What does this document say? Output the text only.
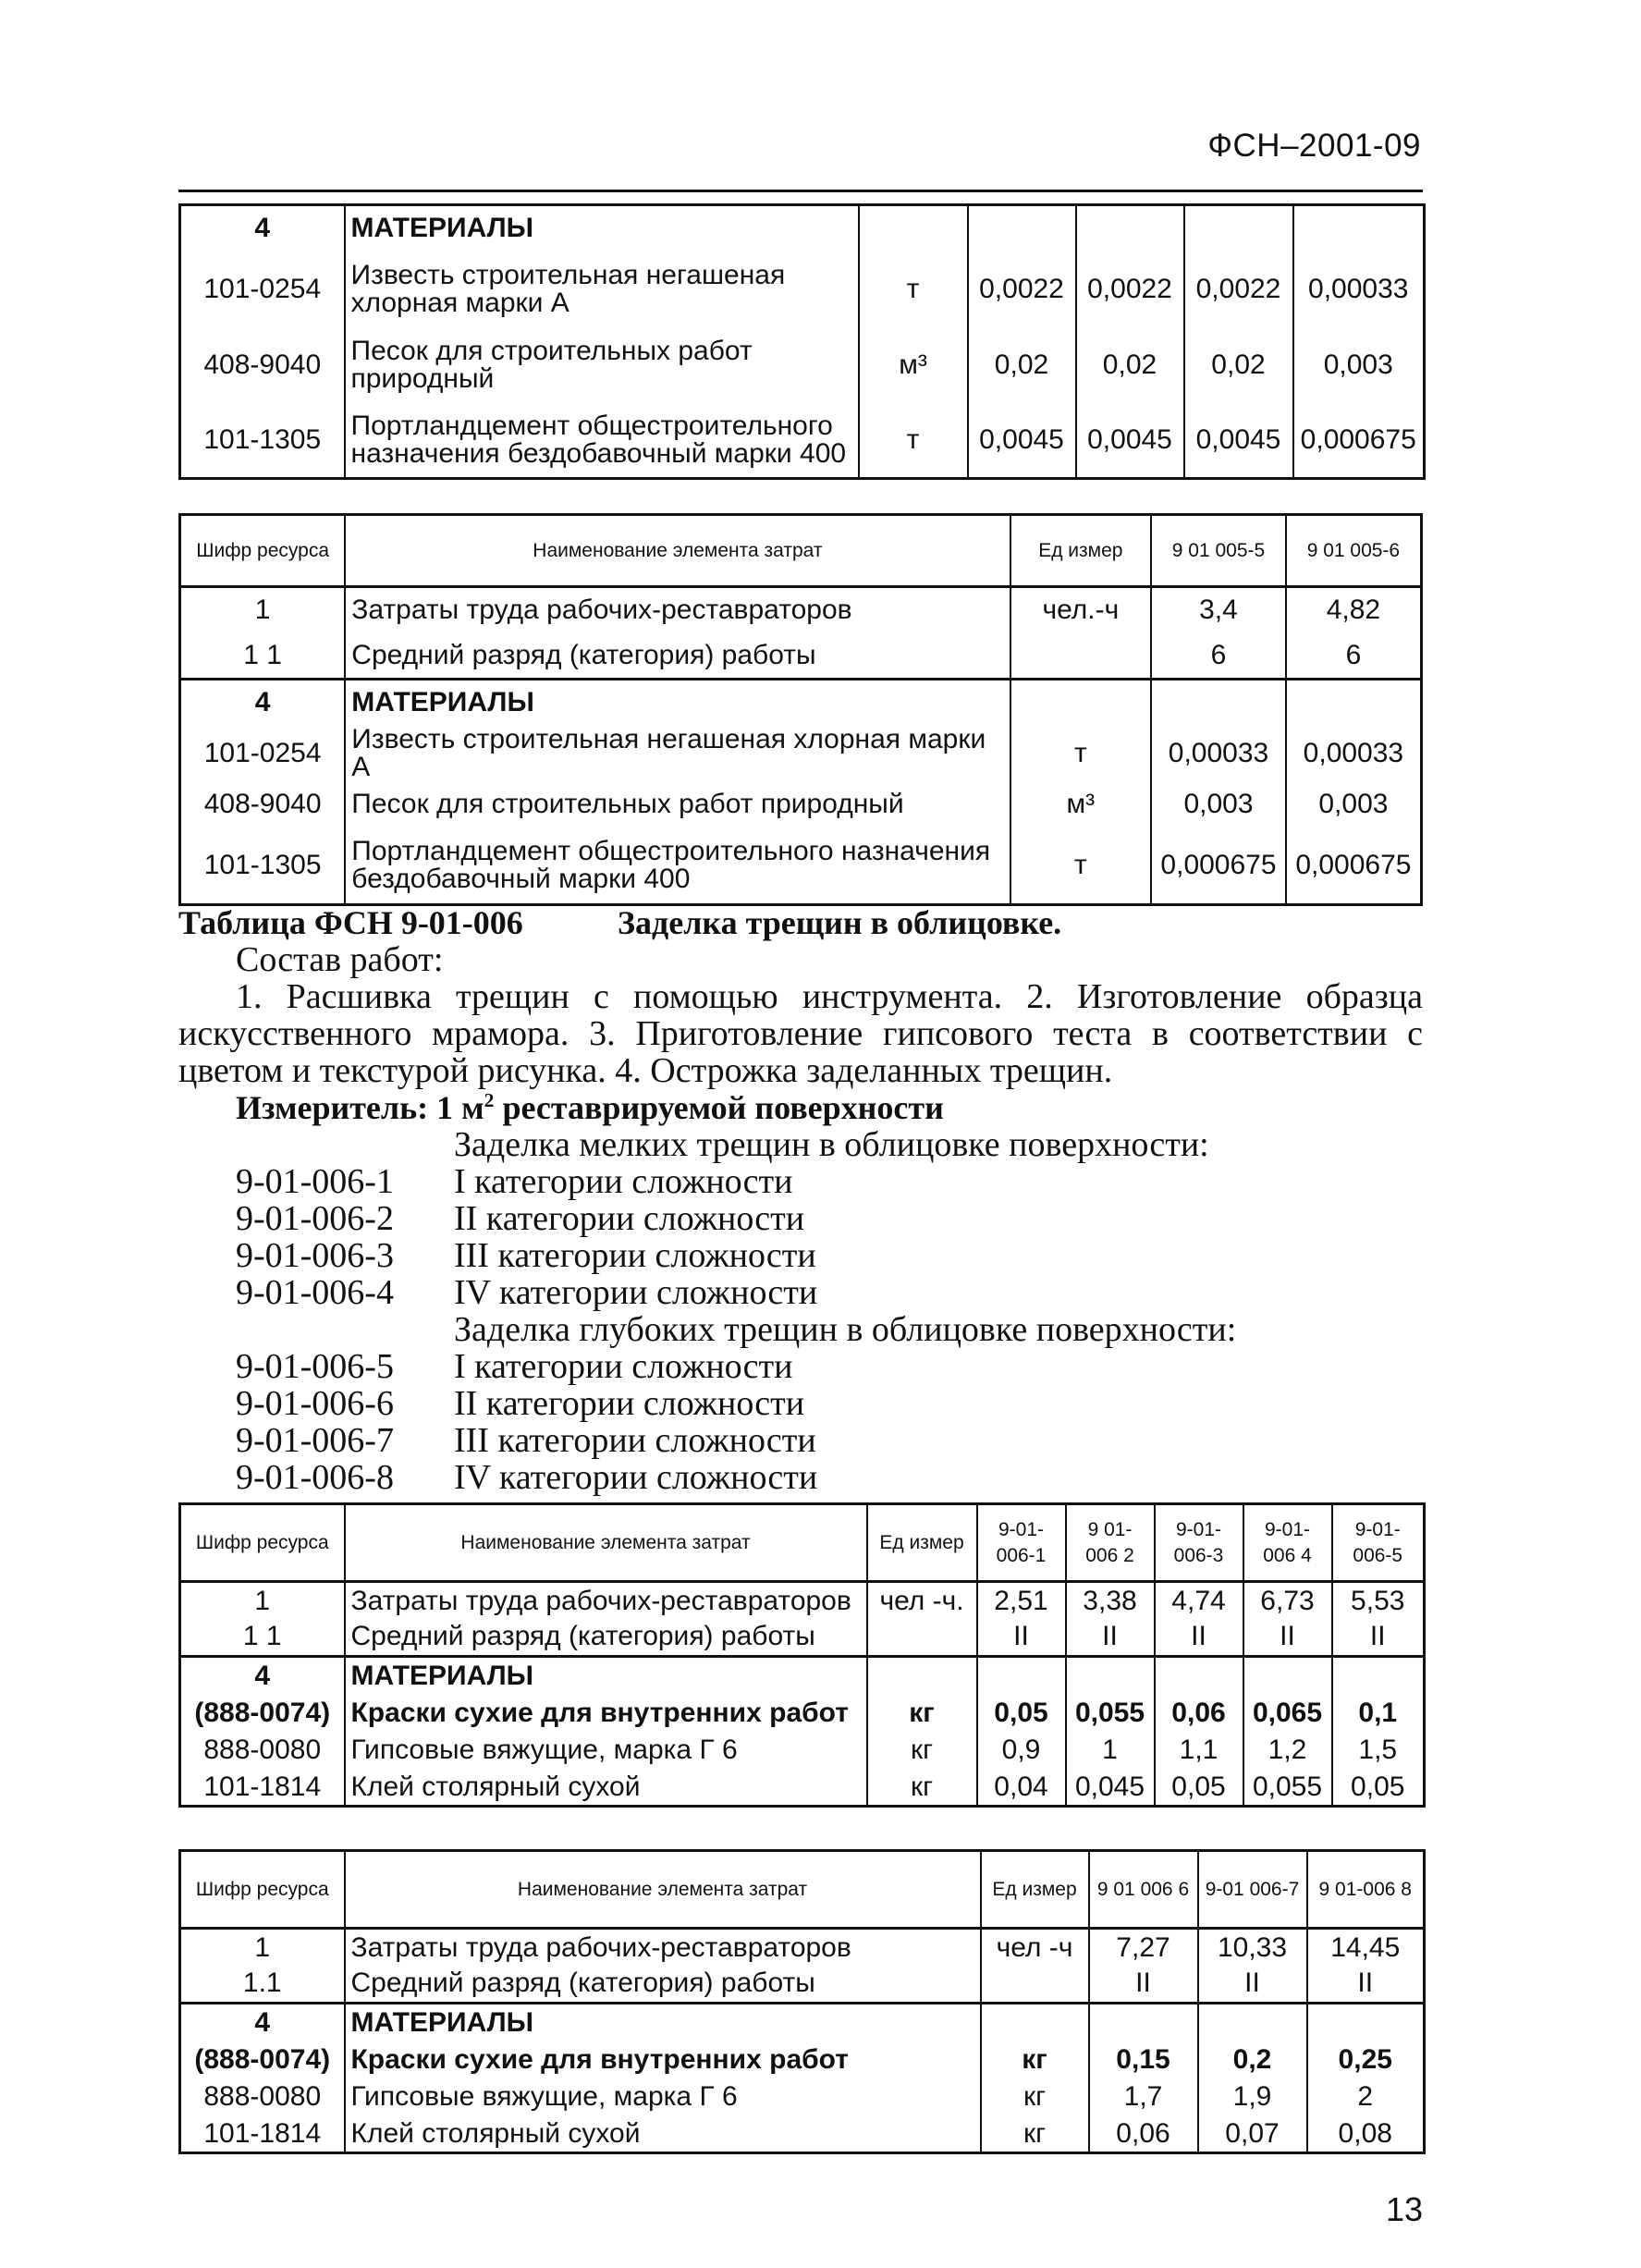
ФСН–2001-09
4	МАТЕРИАЛЫ					
101-0254	Известь строительная негашеная хлорная марки А	т	0,0022	0,0022	0,0022	0,00033
408-9040	Песок для строительных работ природный	м³	0,02	0,02	0,02	0,003
101-1305	Портландцемент общестроительного назначения бездобавочный марки 400	т	0,0045	0,0045	0,0045	0,000675
Шифр ресурса	Наименование элемента затрат	Ед измер	9 01 005-5	9 01 005-6
1	Затраты труда рабочих-реставраторов	чел.-ч	3,4	4,82
1 1	Средний разряд (категория) работы		6	6
4	МАТЕРИАЛЫ			
101-0254	Известь строительная негашеная хлорная марки А	т	0,00033	0,00033
408-9040	Песок для строительных работ природный	м³	0,003	0,003
101-1305	Портландцемент общестроительного назначения бездобавочный марки 400	т	0,000675	0,000675
Таблица ФСН 9-01-006	Заделка трещин в облицовке.
Состав работ:
1. Расшивка трещин с помощью инструмента. 2. Изготовление образца искусственного мрамора. 3. Приготовление гипсового теста в соответствии с цветом и текстурой рисунка. 4. Острожка заделанных трещин.
Измеритель: 1 $м^2$ реставрируемой поверхности
Заделка мелких трещин в облицовке поверхности:
9-01-006-1 I категории сложности
9-01-006-2 II категории сложности
9-01-006-3 III категории сложности
9-01-006-4 IV категории сложности
Заделка глубоких трещин в облицовке поверхности:
9-01-006-5 I категории сложности
9-01-006-6 II категории сложности
9-01-006-7 III категории сложности
9-01-006-8 IV категории сложности
Шифр ресурса	Наименование элемента затрат	Ед измер	9-01-006-1	9 01-006 2	9-01-006-3	9-01-006 4	9-01-006-5
1	Затраты труда рабочих-реставраторов	чел -ч.	2,51	3,38	4,74	6,73	5,53
1 1	Средний разряд (категория) работы		II	II	II	II	II
4	МАТЕРИАЛЫ						
(888-0074)	Краски сухие для внутренних работ	кг	0,05	0,055	0,06	0,065	0,1
888-0080	Гипсовые вяжущие, марка Г 6	кг	0,9	1	1,1	1,2	1,5
101-1814	Клей столярный сухой	кг	0,04	0,045	0,05	0,055	0,05
Шифр ресурса	Наименование элемента затрат	Ед измер	9 01 006 6	9-01 006-7	9 01-006 8
1	Затраты труда рабочих-реставраторов	чел -ч	7,27	10,33	14,45
1.1	Средний разряд (категория) работы		II	II	II
4	МАТЕРИАЛЫ				
(888-0074)	Краски сухие для внутренних работ	кг	0,15	0,2	0,25
888-0080	Гипсовые вяжущие, марка Г 6	кг	1,7	1,9	2
101-1814	Клей столярный сухой	кг	0,06	0,07	0,08
13
